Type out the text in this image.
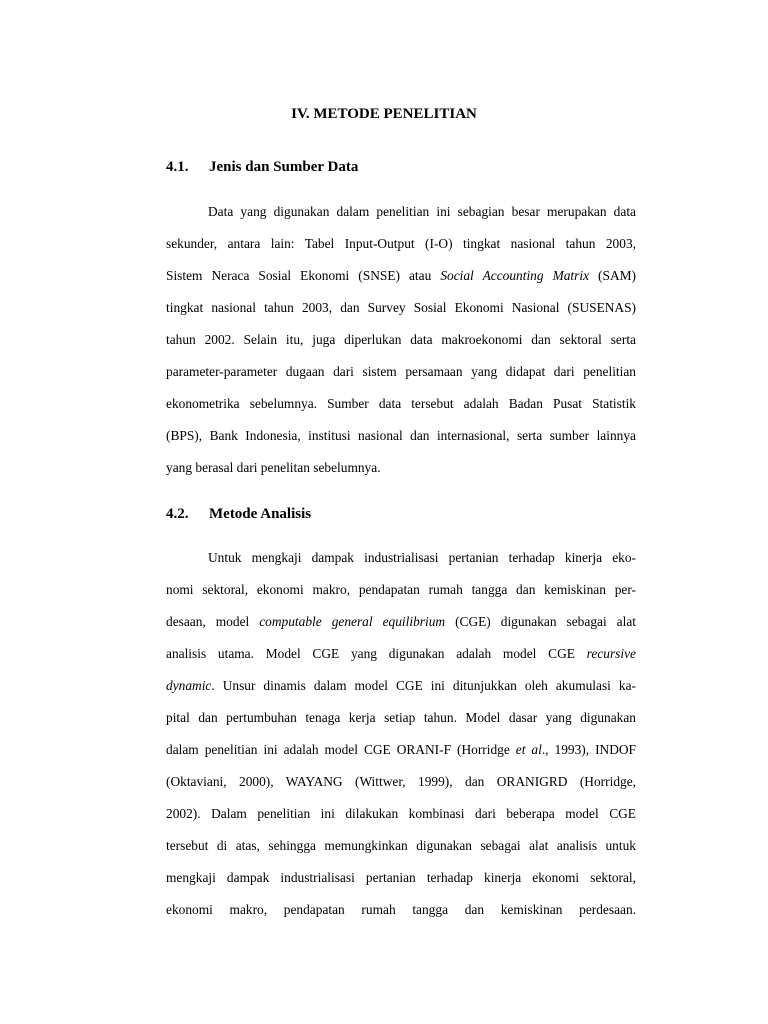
IV. METODE PENELITIAN
4.1. Jenis dan Sumber Data
Data yang digunakan dalam penelitian ini sebagian besar merupakan data
sekunder, antara lain: Tabel Input-Output (I-O) tingkat nasional tahun 2003,
Sistem Neraca Sosial Ekonomi (SNSE) atau Social Accounting Matrix (SAM)
tingkat nasional tahun 2003, dan Survey Sosial Ekonomi Nasional (SUSENAS)
tahun 2002. Selain itu, juga diperlukan data makroekonomi dan sektoral serta
parameter-parameter dugaan dari sistem persamaan yang didapat dari penelitian
ekonometrika sebelumnya. Sumber data tersebut adalah Badan Pusat Statistik
(BPS), Bank Indonesia, institusi nasional dan internasional, serta sumber lainnya
yang berasal dari penelitan sebelumnya.
4.2. Metode Analisis
Untuk mengkaji dampak industrialisasi pertanian terhadap kinerja eko-
nomi sektoral, ekonomi makro, pendapatan rumah tangga dan kemiskinan per-
desaan, model computable general equilibrium (CGE) digunakan sebagai alat
analisis utama. Model CGE yang digunakan adalah model CGE recursive
dynamic. Unsur dinamis dalam model CGE ini ditunjukkan oleh akumulasi ka-
pital dan pertumbuhan tenaga kerja setiap tahun. Model dasar yang digunakan
dalam penelitian ini adalah model CGE ORANI-F (Horridge et al., 1993), INDOF
(Oktaviani, 2000), WAYANG (Wittwer, 1999), dan ORANIGRD (Horridge,
2002). Dalam penelitian ini dilakukan kombinasi dari beberapa model CGE
tersebut di atas, sehingga memungkinkan digunakan sebagai alat analisis untuk
mengkaji dampak industrialisasi pertanian terhadap kinerja ekonomi sektoral,
ekonomi makro, pendapatan rumah tangga dan kemiskinan perdesaan.
